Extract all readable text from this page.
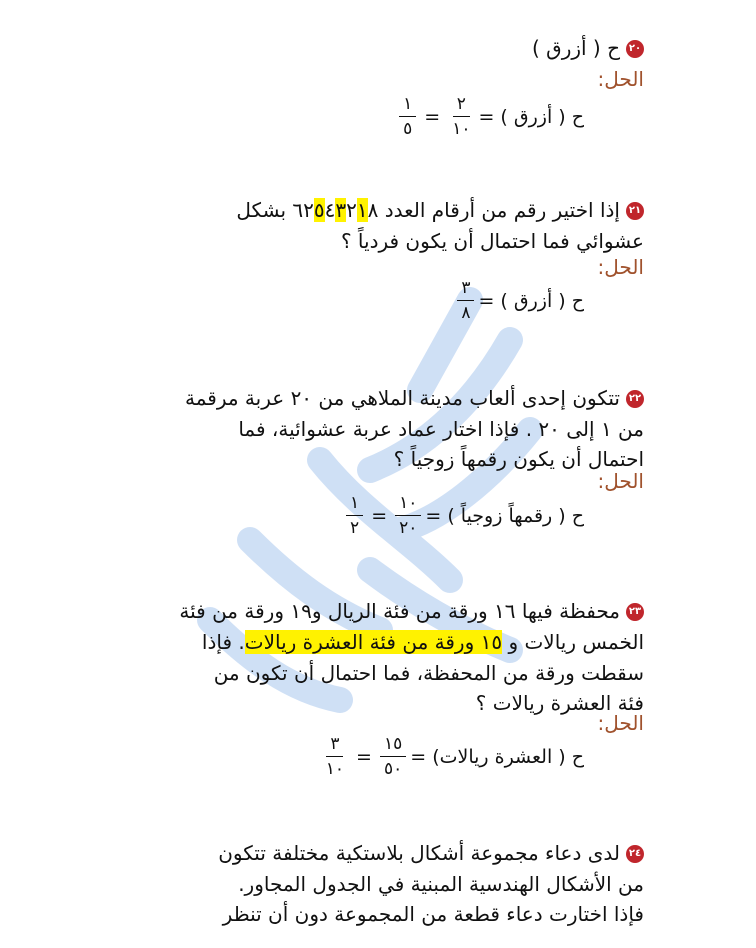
٢٠ح ( أزرق )
الحل:
ح ( أزرق ) =
$\frac{٢}{١٠}$
=
$\frac{١}{٥}$
٢١إذا اختير رقم من أرقام العدد ٦٢٥٤٣٢١٨ بشكل
عشوائي فما احتمال أن يكون فردياً ؟
الحل:
ح ( أزرق ) =
$\frac{٣}{٨}$
٢٢تتكون إحدى ألعاب مدينة الملاهي من ٢٠ عربة مرقمة
من ١ إلى ٢٠ . فإذا اختار عماد عربة عشوائية، فما
احتمال أن يكون رقمهاً زوجياً ؟
الحل:
ح ( رقمهاً زوجياً ) =
$\frac{١٠}{٢٠}$
=
$\frac{١}{٢}$
٢٣محفظة فيها ١٦ ورقة من فئة الريال و١٩ ورقة من فئة
الخمس ريالات و ١٥ ورقة من فئة العشرة ريالات. فإذا
سقطت ورقة من المحفظة، فما احتمال أن تكون من
فئة العشرة ريالات ؟
الحل:
ح ( العشرة ريالات) =
$\frac{١٥}{٥٠}$
=
$\frac{٣}{١٠}$
٢٤لدى دعاء مجموعة أشكال بلاستكية مختلفة تتكون
من الأشكال الهندسية المبنية في الجدول المجاور.
فإذا اختارت دعاء قطعة من المجموعة دون أن تنظر
